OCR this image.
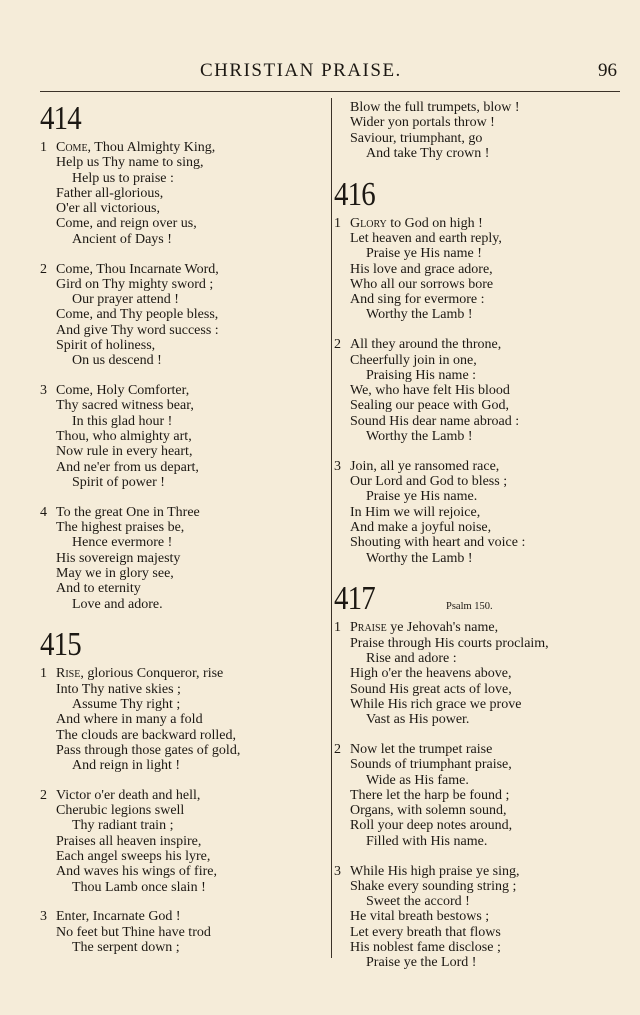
CHRISTIAN PRAISE.	96
414
1 Come, Thou Almighty King,
Help us Thy name to sing,
Help us to praise :
Father all-glorious,
O'er all victorious,
Come, and reign over us,
Ancient of Days !
2 Come, Thou Incarnate Word,
Gird on Thy mighty sword ;
Our prayer attend !
Come, and Thy people bless,
And give Thy word success :
Spirit of holiness,
On us descend !
3 Come, Holy Comforter,
Thy sacred witness bear,
In this glad hour !
Thou, who almighty art,
Now rule in every heart,
And ne'er from us depart,
Spirit of power !
4 To the great One in Three
The highest praises be,
Hence evermore !
His sovereign majesty
May we in glory see,
And to eternity
Love and adore.
415
1 Rise, glorious Conqueror, rise
Into Thy native skies ;
Assume Thy right ;
And where in many a fold
The clouds are backward rolled,
Pass through those gates of gold,
And reign in light !
2 Victor o'er death and hell,
Cherubic legions swell
Thy radiant train ;
Praises all heaven inspire,
Each angel sweeps his lyre,
And waves his wings of fire,
Thou Lamb once slain !
3 Enter, Incarnate God !
No feet but Thine have trod
The serpent down ;
Blow the full trumpets, blow !
Wider yon portals throw !
Saviour, triumphant, go
And take Thy crown !
416
1 Glory to God on high !
Let heaven and earth reply,
Praise ye His name !
His love and grace adore,
Who all our sorrows bore
And sing for evermore :
Worthy the Lamb !
2 All they around the throne,
Cheerfully join in one,
Praising His name :
We, who have felt His blood
Sealing our peace with God,
Sound His dear name abroad :
Worthy the Lamb !
3 Join, all ye ransomed race,
Our Lord and God to bless ;
Praise ye His name.
In Him we will rejoice,
And make a joyful noise,
Shouting with heart and voice :
Worthy the Lamb !
417	Psalm 150.
1 Praise ye Jehovah's name,
Praise through His courts proclaim,
Rise and adore :
High o'er the heavens above,
Sound His great acts of love,
While His rich grace we prove
Vast as His power.
2 Now let the trumpet raise
Sounds of triumphant praise,
Wide as His fame.
There let the harp be found ;
Organs, with solemn sound,
Roll your deep notes around,
Filled with His name.
3 While His high praise ye sing,
Shake every sounding string ;
Sweet the accord !
He vital breath bestows ;
Let every breath that flows
His noblest fame disclose ;
Praise ye the Lord !
